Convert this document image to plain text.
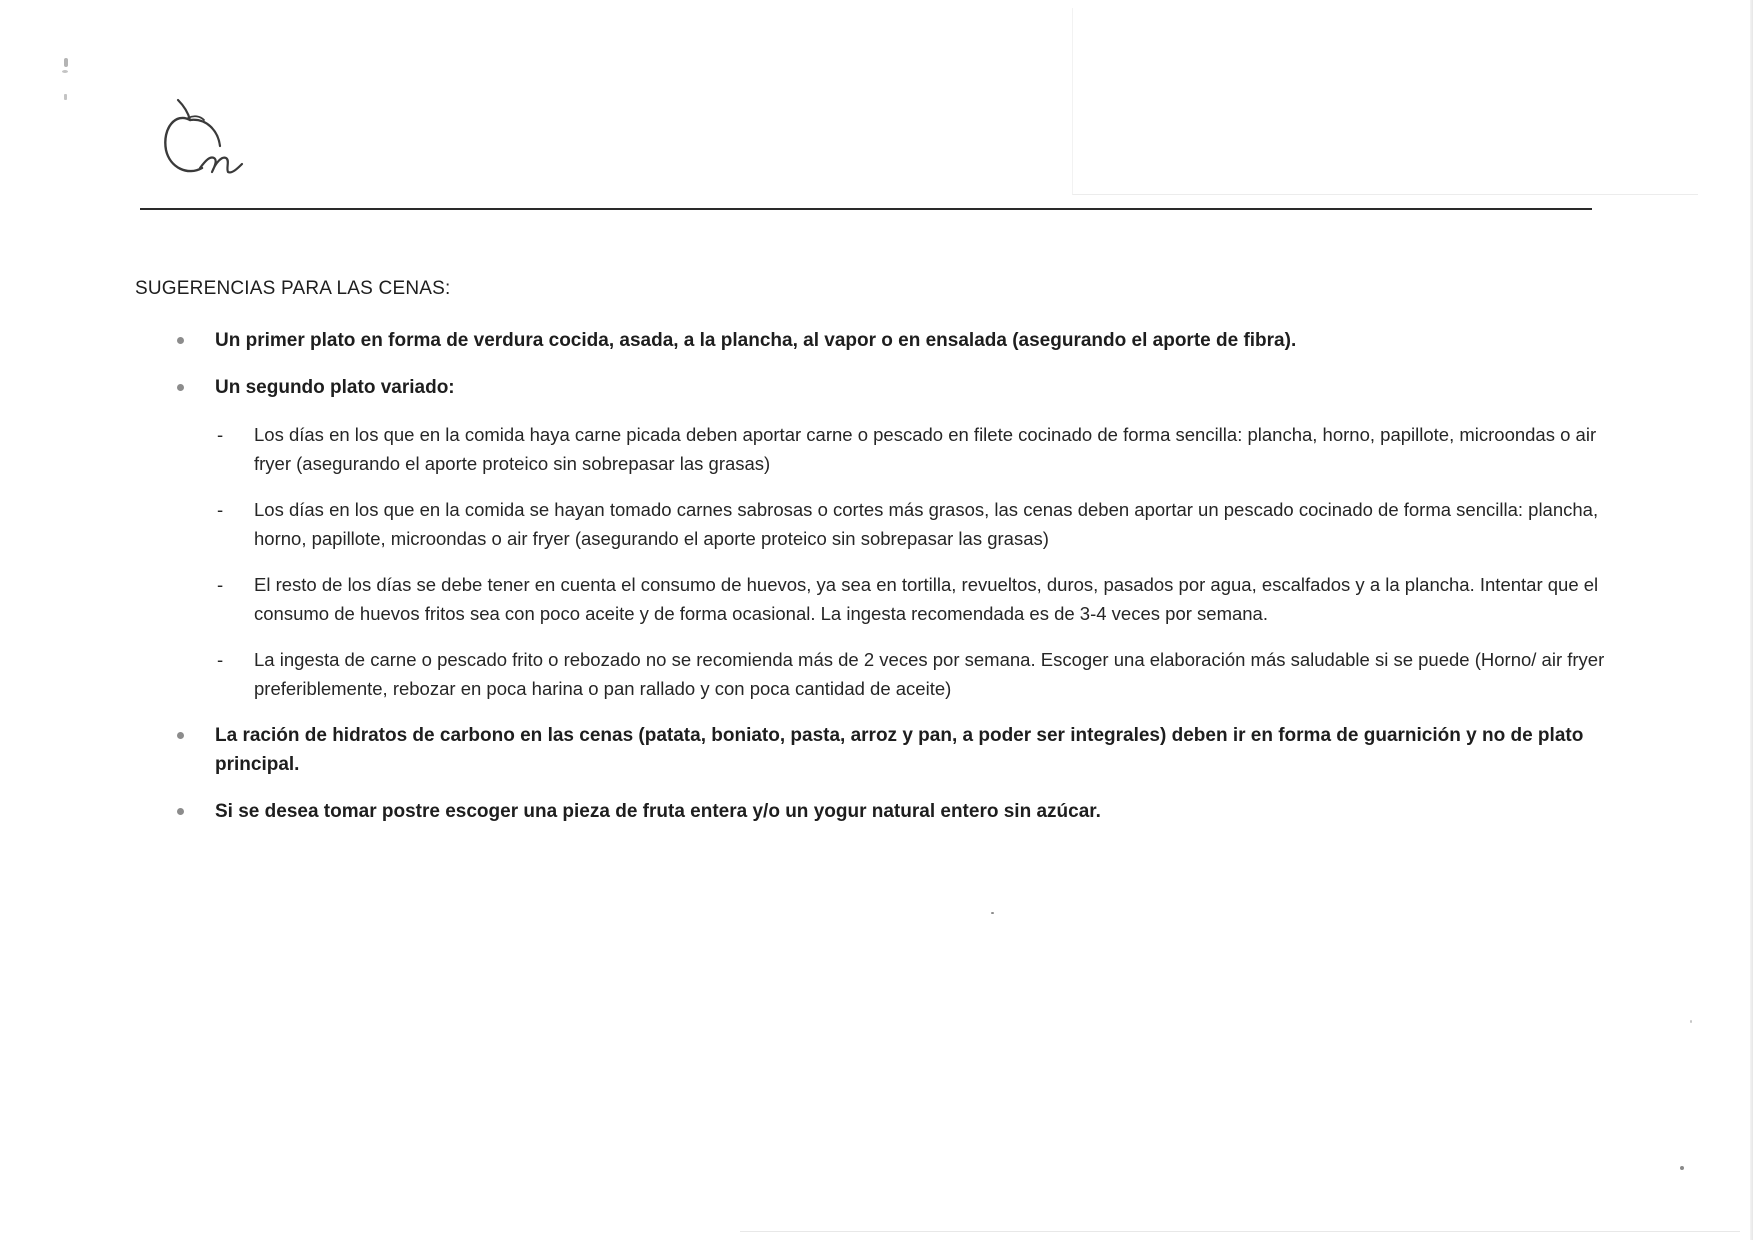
SUGERENCIAS PARA LAS CENAS:
Un primer plato en forma de verdura cocida, asada, a la plancha, al vapor o en ensalada (asegurando el aporte de fibra).
Un segundo plato variado:
- Los días en los que en la comida haya carne picada deben aportar carne o pescado en filete cocinado de forma sencilla: plancha, horno, papillote, microondas o air fryer (asegurando el aporte proteico sin sobrepasar las grasas)
- Los días en los que en la comida se hayan tomado carnes sabrosas o cortes más grasos, las cenas deben aportar un pescado cocinado de forma sencilla: plancha, horno, papillote, microondas o air fryer (asegurando el aporte proteico sin sobrepasar las grasas)
- El resto de los días se debe tener en cuenta el consumo de huevos, ya sea en tortilla, revueltos, duros, pasados por agua, escalfados y a la plancha. Intentar que el consumo de huevos fritos sea con poco aceite y de forma ocasional. La ingesta recomendada es de 3-4 veces por semana.
- La ingesta de carne o pescado frito o rebozado no se recomienda más de 2 veces por semana. Escoger una elaboración más saludable si se puede (Horno/ air fryer preferiblemente, rebozar en poca harina o pan rallado y con poca cantidad de aceite)
La ración de hidratos de carbono en las cenas (patata, boniato, pasta, arroz y pan, a poder ser integrales) deben ir en forma de guarnición y no de plato principal.
Si se desea tomar postre escoger una pieza de fruta entera y/o un yogur natural entero sin azúcar.
